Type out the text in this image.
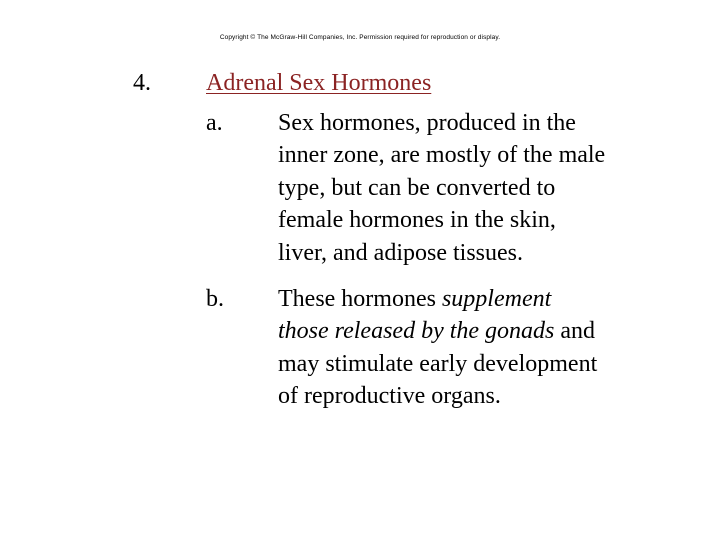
Copyright © The McGraw-Hill Companies, Inc. Permission required for reproduction or display.
4. Adrenal Sex Hormones
a. Sex hormones, produced in the
inner zone, are mostly of the male
type, but can be converted to
female hormones in the skin,
liver, and adipose tissues.
b. These hormones supplement
those released by the gonads and
may stimulate early development
of reproductive organs.
